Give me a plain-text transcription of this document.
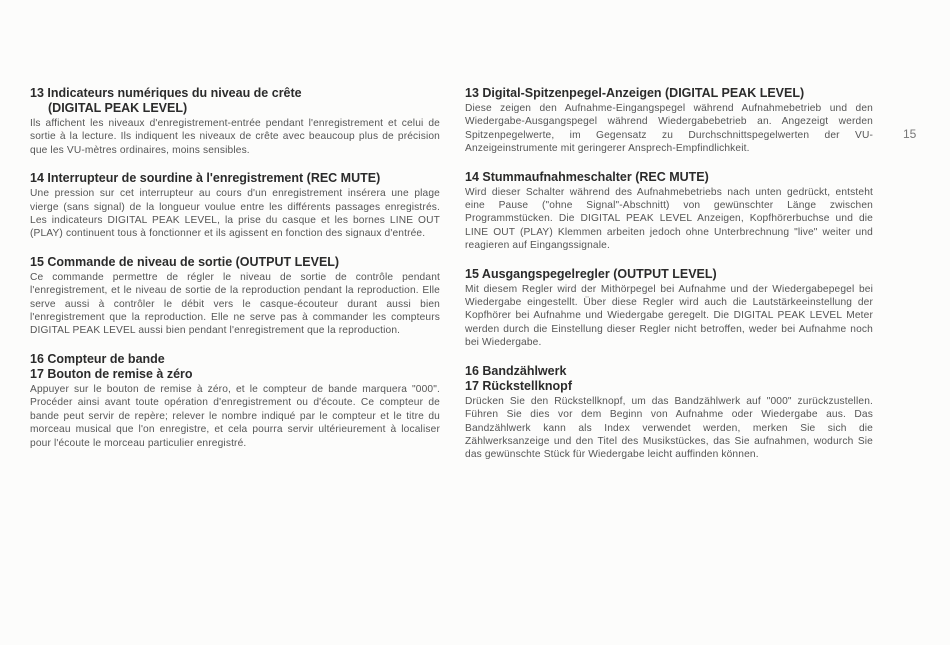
13 Indicateurs numériques du niveau de crête

(DIGITAL PEAK LEVEL)

Ils affichent les niveaux d'enregistrement-entrée pendant l'enregistrement et celui de sortie à la lecture. Ils indiquent les niveaux de crête avec beaucoup plus de précision que les VU-mètres ordinaires, moins sensibles.

14 Interrupteur de sourdine à l'enregistrement (REC MUTE)

Une pression sur cet interrupteur au cours d'un enregistrement insérera une plage vierge (sans signal) de la longueur voulue entre les différents passages enregistrés. Les indicateurs DIGITAL PEAK LEVEL, la prise du casque et les bornes LINE OUT (PLAY) continuent tous à fonctionner et ils agissent en fonction des signaux d'entrée.

15 Commande de niveau de sortie (OUTPUT LEVEL)

Ce commande permettre de régler le niveau de sortie de contrôle pendant l'enregistrement, et le niveau de sortie de la reproduction pendant la reproduction. Elle serve aussi à contrôler le débit vers le casque-écouteur durant aussi bien l'enregistrement que la reproduction. Elle ne serve pas à commander les compteurs DIGITAL PEAK LEVEL aussi bien pendant l'enregistrement que la reproduction.

16 Compteur de bande

17 Bouton de remise à zéro

Appuyer sur le bouton de remise à zéro, et le compteur de bande marquera "000". Procéder ainsi avant toute opération d'enregistrement ou d'écoute. Ce compteur de bande peut servir de repère; relever le nombre indiqué par le compteur et le titre du morceau musical que l'on enregistre, et cela pourra servir ultérieurement à localiser pour l'écoute le morceau particulier enregistré.

13 Digital-Spitzenpegel-Anzeigen (DIGITAL PEAK LEVEL)

Diese zeigen den Aufnahme-Eingangspegel während Aufnahmebetrieb und den Wiedergabe-Ausgangspegel während Wiedergabebetrieb an. Angezeigt werden Spitzenpegelwerte, im Gegensatz zu Durchschnittspegelwerten der VU-Anzeigeinstrumente mit geringerer Ansprech-Empfindlichkeit.

14 Stummaufnahmeschalter (REC MUTE)

Wird dieser Schalter während des Aufnahmebetriebs nach unten gedrückt, entsteht eine Pause ("ohne Signal"-Abschnitt) von gewünschter Länge zwischen Programmstücken. Die DIGITAL PEAK LEVEL Anzeigen, Kopfhörerbuchse und die LINE OUT (PLAY) Klemmen arbeiten jedoch ohne Unterbrechnung "live" weiter und reagieren auf Eingangssignale.

15 Ausgangspegelregler (OUTPUT LEVEL)

Mit diesem Regler wird der Mithörpegel bei Aufnahme und der Wiedergabepegel bei Wiedergabe eingestellt. Über diese Regler wird auch die Lautstärkeeinstellung der Kopfhörer bei Aufnahme und Wiedergabe geregelt. Die DIGITAL PEAK LEVEL Meter werden durch die Einstellung dieser Regler nicht betroffen, weder bei Aufnahme noch bei Wiedergabe.

16 Bandzählwerk

17 Rückstellknopf

Drücken Sie den Rückstellknopf, um das Bandzählwerk auf "000" zurückzustellen. Führen Sie dies vor dem Beginn von Aufnahme oder Wiedergabe aus. Das Bandzählwerk kann als Index verwendet werden, merken Sie sich die Zählwerksanzeige und den Titel des Musikstückes, das Sie aufnahmen, wodurch Sie das gewünschte Stück für Wiedergabe leicht auffinden können.

15
